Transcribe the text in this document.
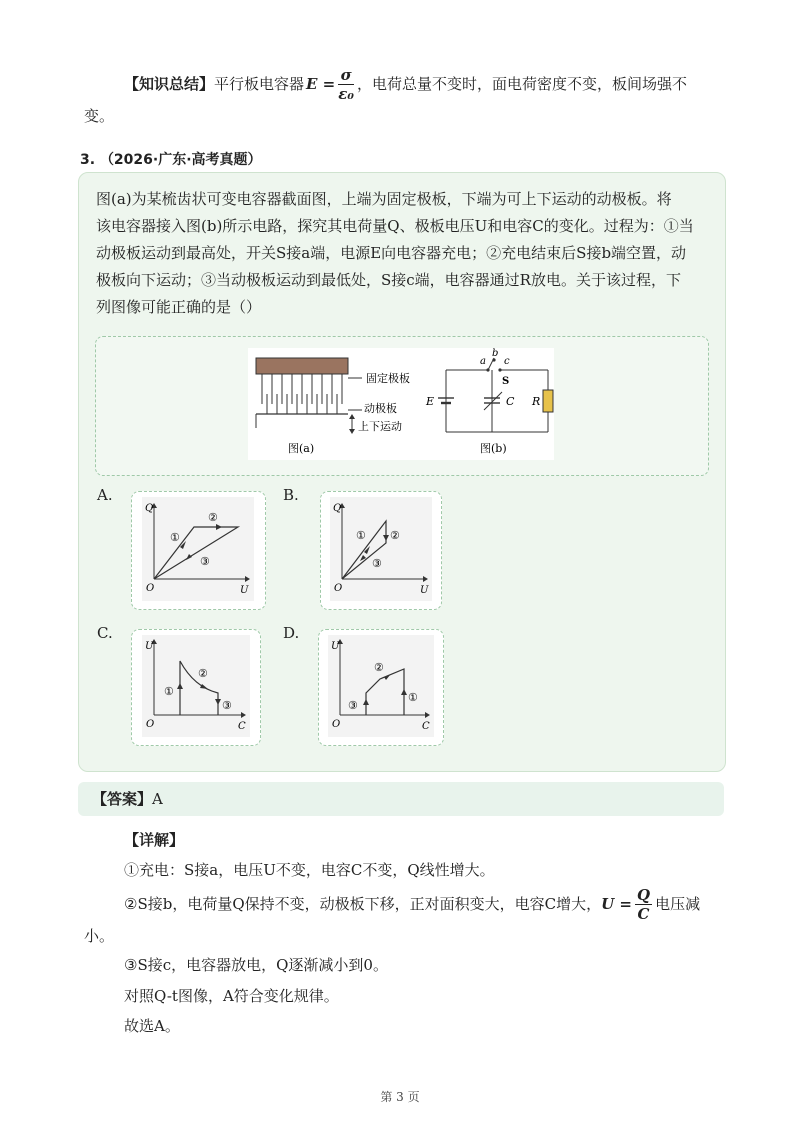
【知识总结】 平行板电容器 $E = \frac{\sigma}{\text{ε₀}}$ ，电荷总量不变时，面电荷密度不变，板间场强不
变。
3. （2026·广东·高考真题）
图(a)为某梳齿状可变电容器截面图，上端为固定极板，下端为可上下运动的动极板。将
该电容器接入图(b)所示电路，探究其电荷量Q、极板电压U和电容C的变化。过程为：①当
动极板运动到最高处，开关S接a端，电源E向电容器充电；②充电结束后S接b端空置，动
极板向下运动；③当动极板运动到最低处，S接c端，电容器通过R放电。关于该过程，下
列图像可能正确的是（）
固定极板
动极板
上下运动
图(a)
a
b
c
S
E	C R
图(b)
A.	B.
C.	D.
Q
U
O
①
②
③
Q
U
O
① ②
③
U
C
O
①
②
③
U
C
O
③
②
①
【答案】A
【详解】
①充电：S接a，电压U不变，电容C不变，Q线性增大。
②S接b，电荷量Q保持不变，动极板下移，正对面积变大，电容C增大， $U = \frac{Q}{C}$ 电压减
小。
③S接c，电容器放电，Q逐渐减小到0。
对照Q-t图像，A符合变化规律。
故选A。
第 3 页
